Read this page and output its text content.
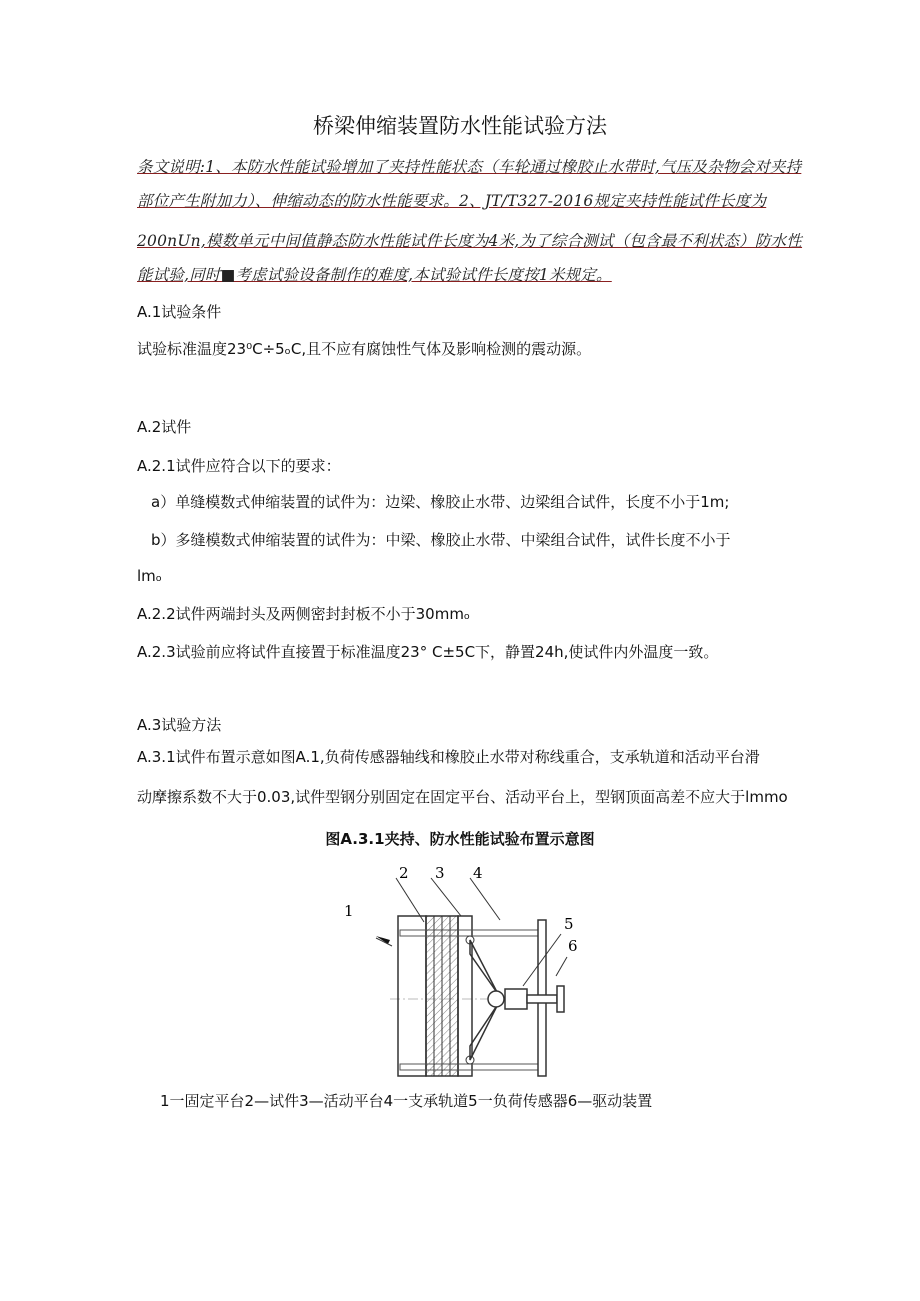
桥梁伸缩装置防水性能试验方法
条文说明:1、本防水性能试验增加了夹持性能状态（车轮通过橡胶止水带时,气压及杂物会对夹持
部位产生附加力）、伸缩动态的防水性能要求。2、JT/T327-2016规定夹持性能试件长度为
200nUn,模数单元中间值静态防水性能试件长度为4米,为了综合测试（包含最不利状态）防水性
能试验,同时■考虑试验设备制作的难度,本试验试件长度按1米规定。
A.1试验条件
试验标准温度23⁰C÷5ₒC,且不应有腐蚀性气体及影响检测的震动源。
A.2试件
A.2.1试件应符合以下的要求：
a）单缝模数式伸缩装置的试件为：边梁、橡胶止水带、边梁组合试件，长度不小于1m;
b）多缝模数式伸缩装置的试件为：中梁、橡胶止水带、中梁组合试件，试件长度不小于
lmₒ
A.2.2试件两端封头及两侧密封封板不小于30mmₒ
A.2.3试验前应将试件直接置于标准温度23° C±5C下，静置24h,使试件内外温度一致。
A.3试验方法
A.3.1试件布置示意如图A.1,负荷传感器轴线和橡胶止水带对称线重合，支承轨道和活动平台滑
动摩擦系数不大于0.03,试件型钢分别固定在固定平台、活动平台上，型钢顶面高差不应大于lmmo
图A.3.1夹持、防水性能试验布置示意图
1
2 3 4
5
6
1一固定平台2—试件3—活动平台4一支承轨道5一负荷传感器6—驱动装置
